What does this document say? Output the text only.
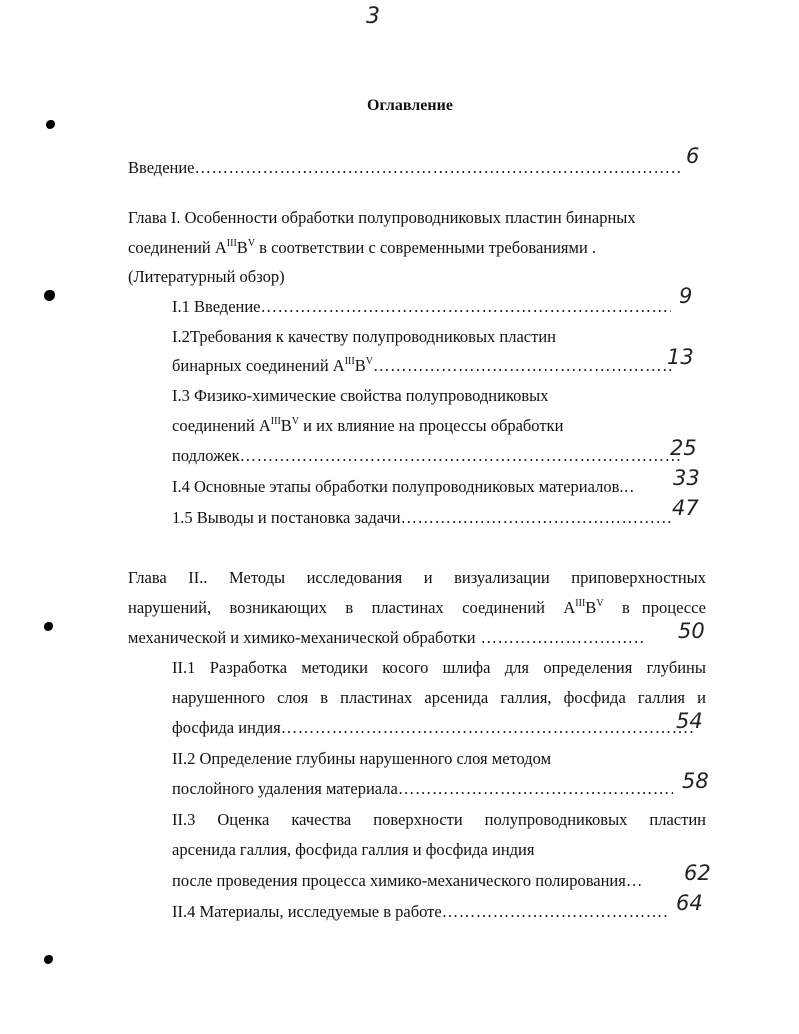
3
Оглавление
Введение ………………………………………………………………………………………………………………………………………………………………………	6
Глава I. Особенности обработки полупроводниковых пластин бинарных
соединений $A^{III}B^V$ в соответствии с современными требованиями .
(Литературный обзор)
I.1 Введение ………………………………………………………………………………………………………………………………………………………………………	9
I.2Требования к качеству полупроводниковых пластин
бинарных соединений $A^{III}B^V$ ………………………………………………………………………………………………………………………………………………………………………	13
I.3 Физико-химические свойства полупроводниковых
соединений $A^{III}B^V$ и их влияние на процессы обработки
подложек ………………………………………………………………………………………………………………………………………………………………………	25
I.4 Основные этапы обработки полупроводниковых материалов. ………………………………………………………………………………………………………………………………………………………………………	33
1.5 Выводы и постановка задачи ………………………………………………………………………………………………………………………………………………………………………	47
Глава II.. Методы исследования и визуализации приповерхностных
нарушений, возникающих в пластинах соединений $A^{III}B^V$ в процессе
механической и химико-механической обработки ………………………………………………………………………………………………………………………………………………………………………	50
II.1 Разработка методики косого шлифа для определения глубины
нарушенного слоя в пластинах арсенида галлия, фосфида галлия и
фосфида индия ………………………………………………………………………………………………………………………………………………………………………	54
II.2 Определение глубины нарушенного слоя методом
послойного удаления материала ………………………………………………………………………………………………………………………………………………………………………	58
II.3 Оценка качества поверхности полупроводниковых пластин
арсенида галлия, фосфида галлия и фосфида индия
после проведения процесса химико-механического полирования ………………………………………………………………………………………………………………………………………………………………………	62
II.4 Материалы, исследуемые в работе ………………………………………………………………………………………………………………………………………………………………………	64
